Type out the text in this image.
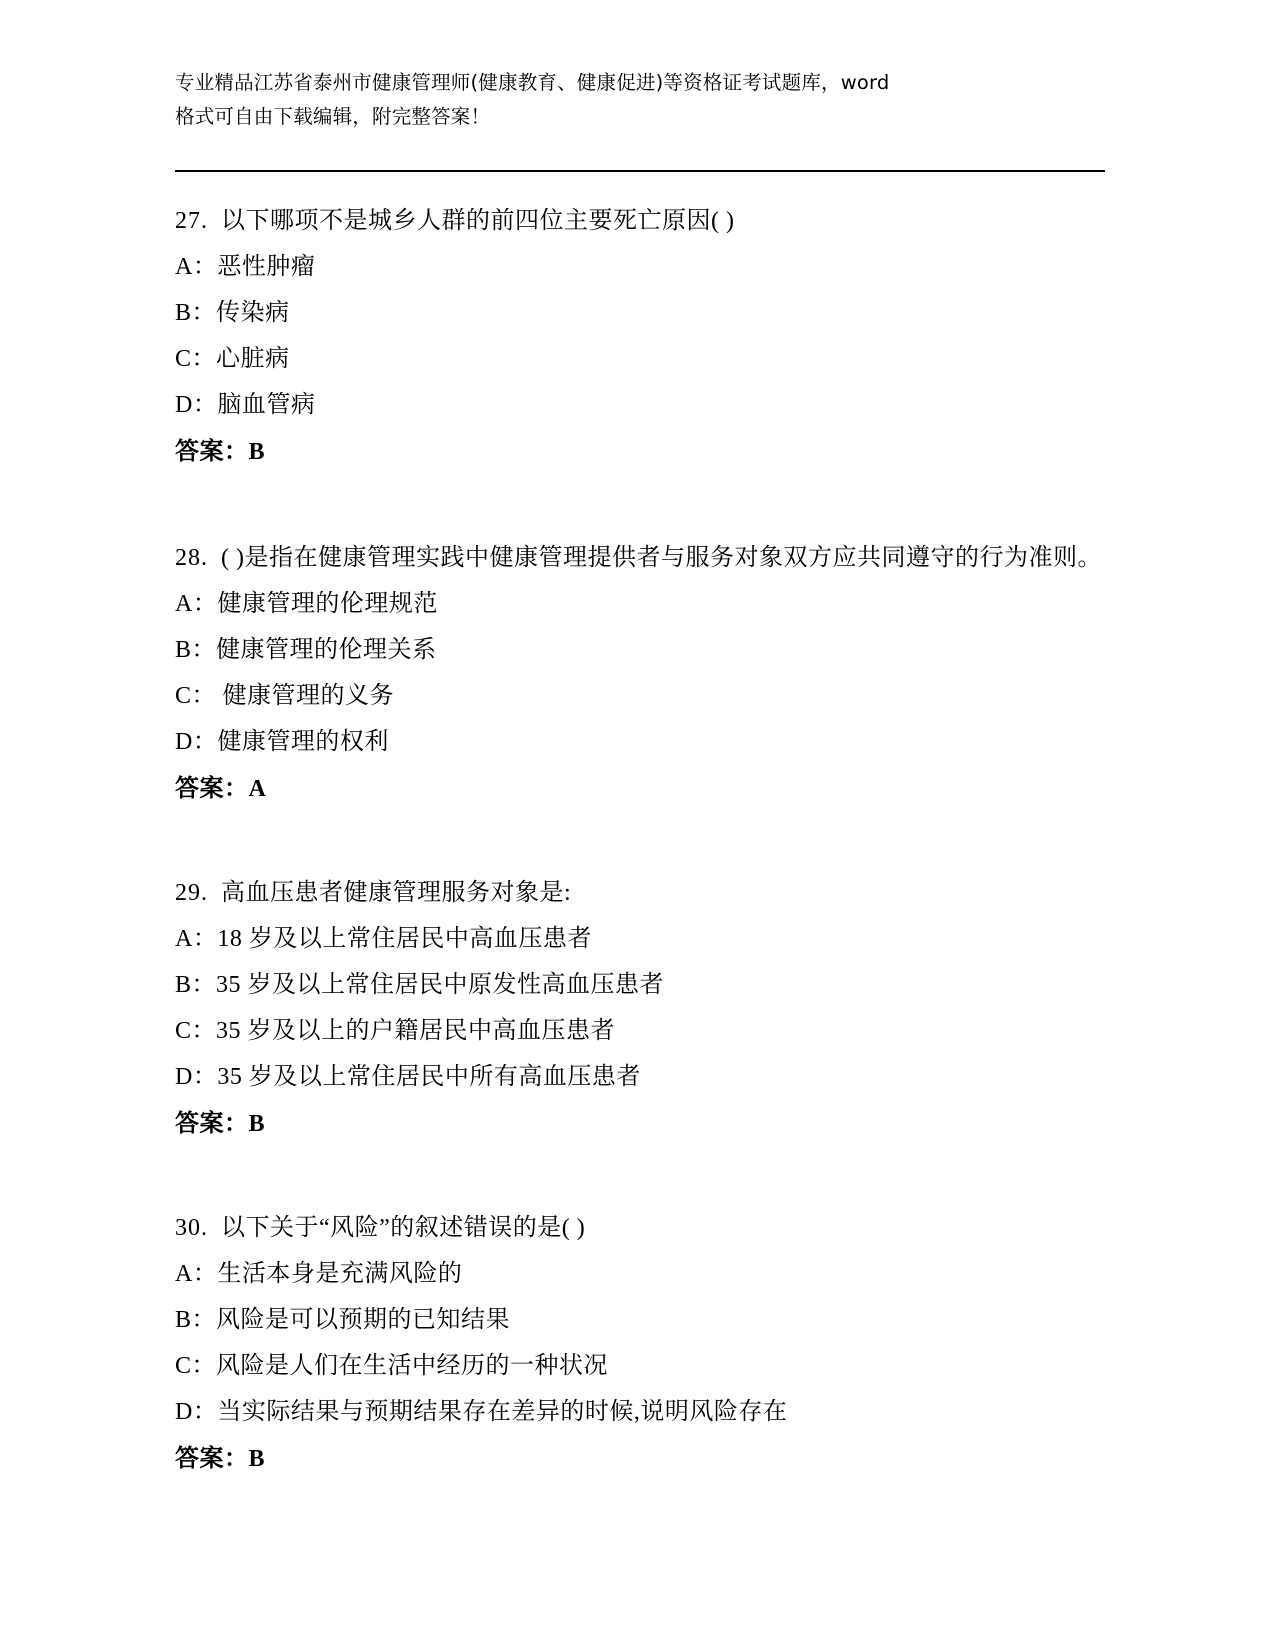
专业精品江苏省泰州市健康管理师(健康教育、健康促进)等资格证考试题库，word
格式可自由下载编辑，附完整答案！
27. 以下哪项不是城乡人群的前四位主要死亡原因( )
A：恶性肿瘤
B：传染病
C：心脏病
D：脑血管病
答案：B
28. ( )是指在健康管理实践中健康管理提供者与服务对象双方应共同遵守的行为准则。
A：健康管理的伦理规范
B：健康管理的伦理关系
C： 健康管理的义务
D：健康管理的权利
答案：A
29. 高血压患者健康管理服务对象是:
A：18 岁及以上常住居民中高血压患者
B：35 岁及以上常住居民中原发性高血压患者
C：35 岁及以上的户籍居民中高血压患者
D：35 岁及以上常住居民中所有高血压患者
答案：B
30. 以下关于“风险”的叙述错误的是( )
A：生活本身是充满风险的
B：风险是可以预期的已知结果
C：风险是人们在生活中经历的一种状况
D：当实际结果与预期结果存在差异的时候,说明风险存在
答案：B
